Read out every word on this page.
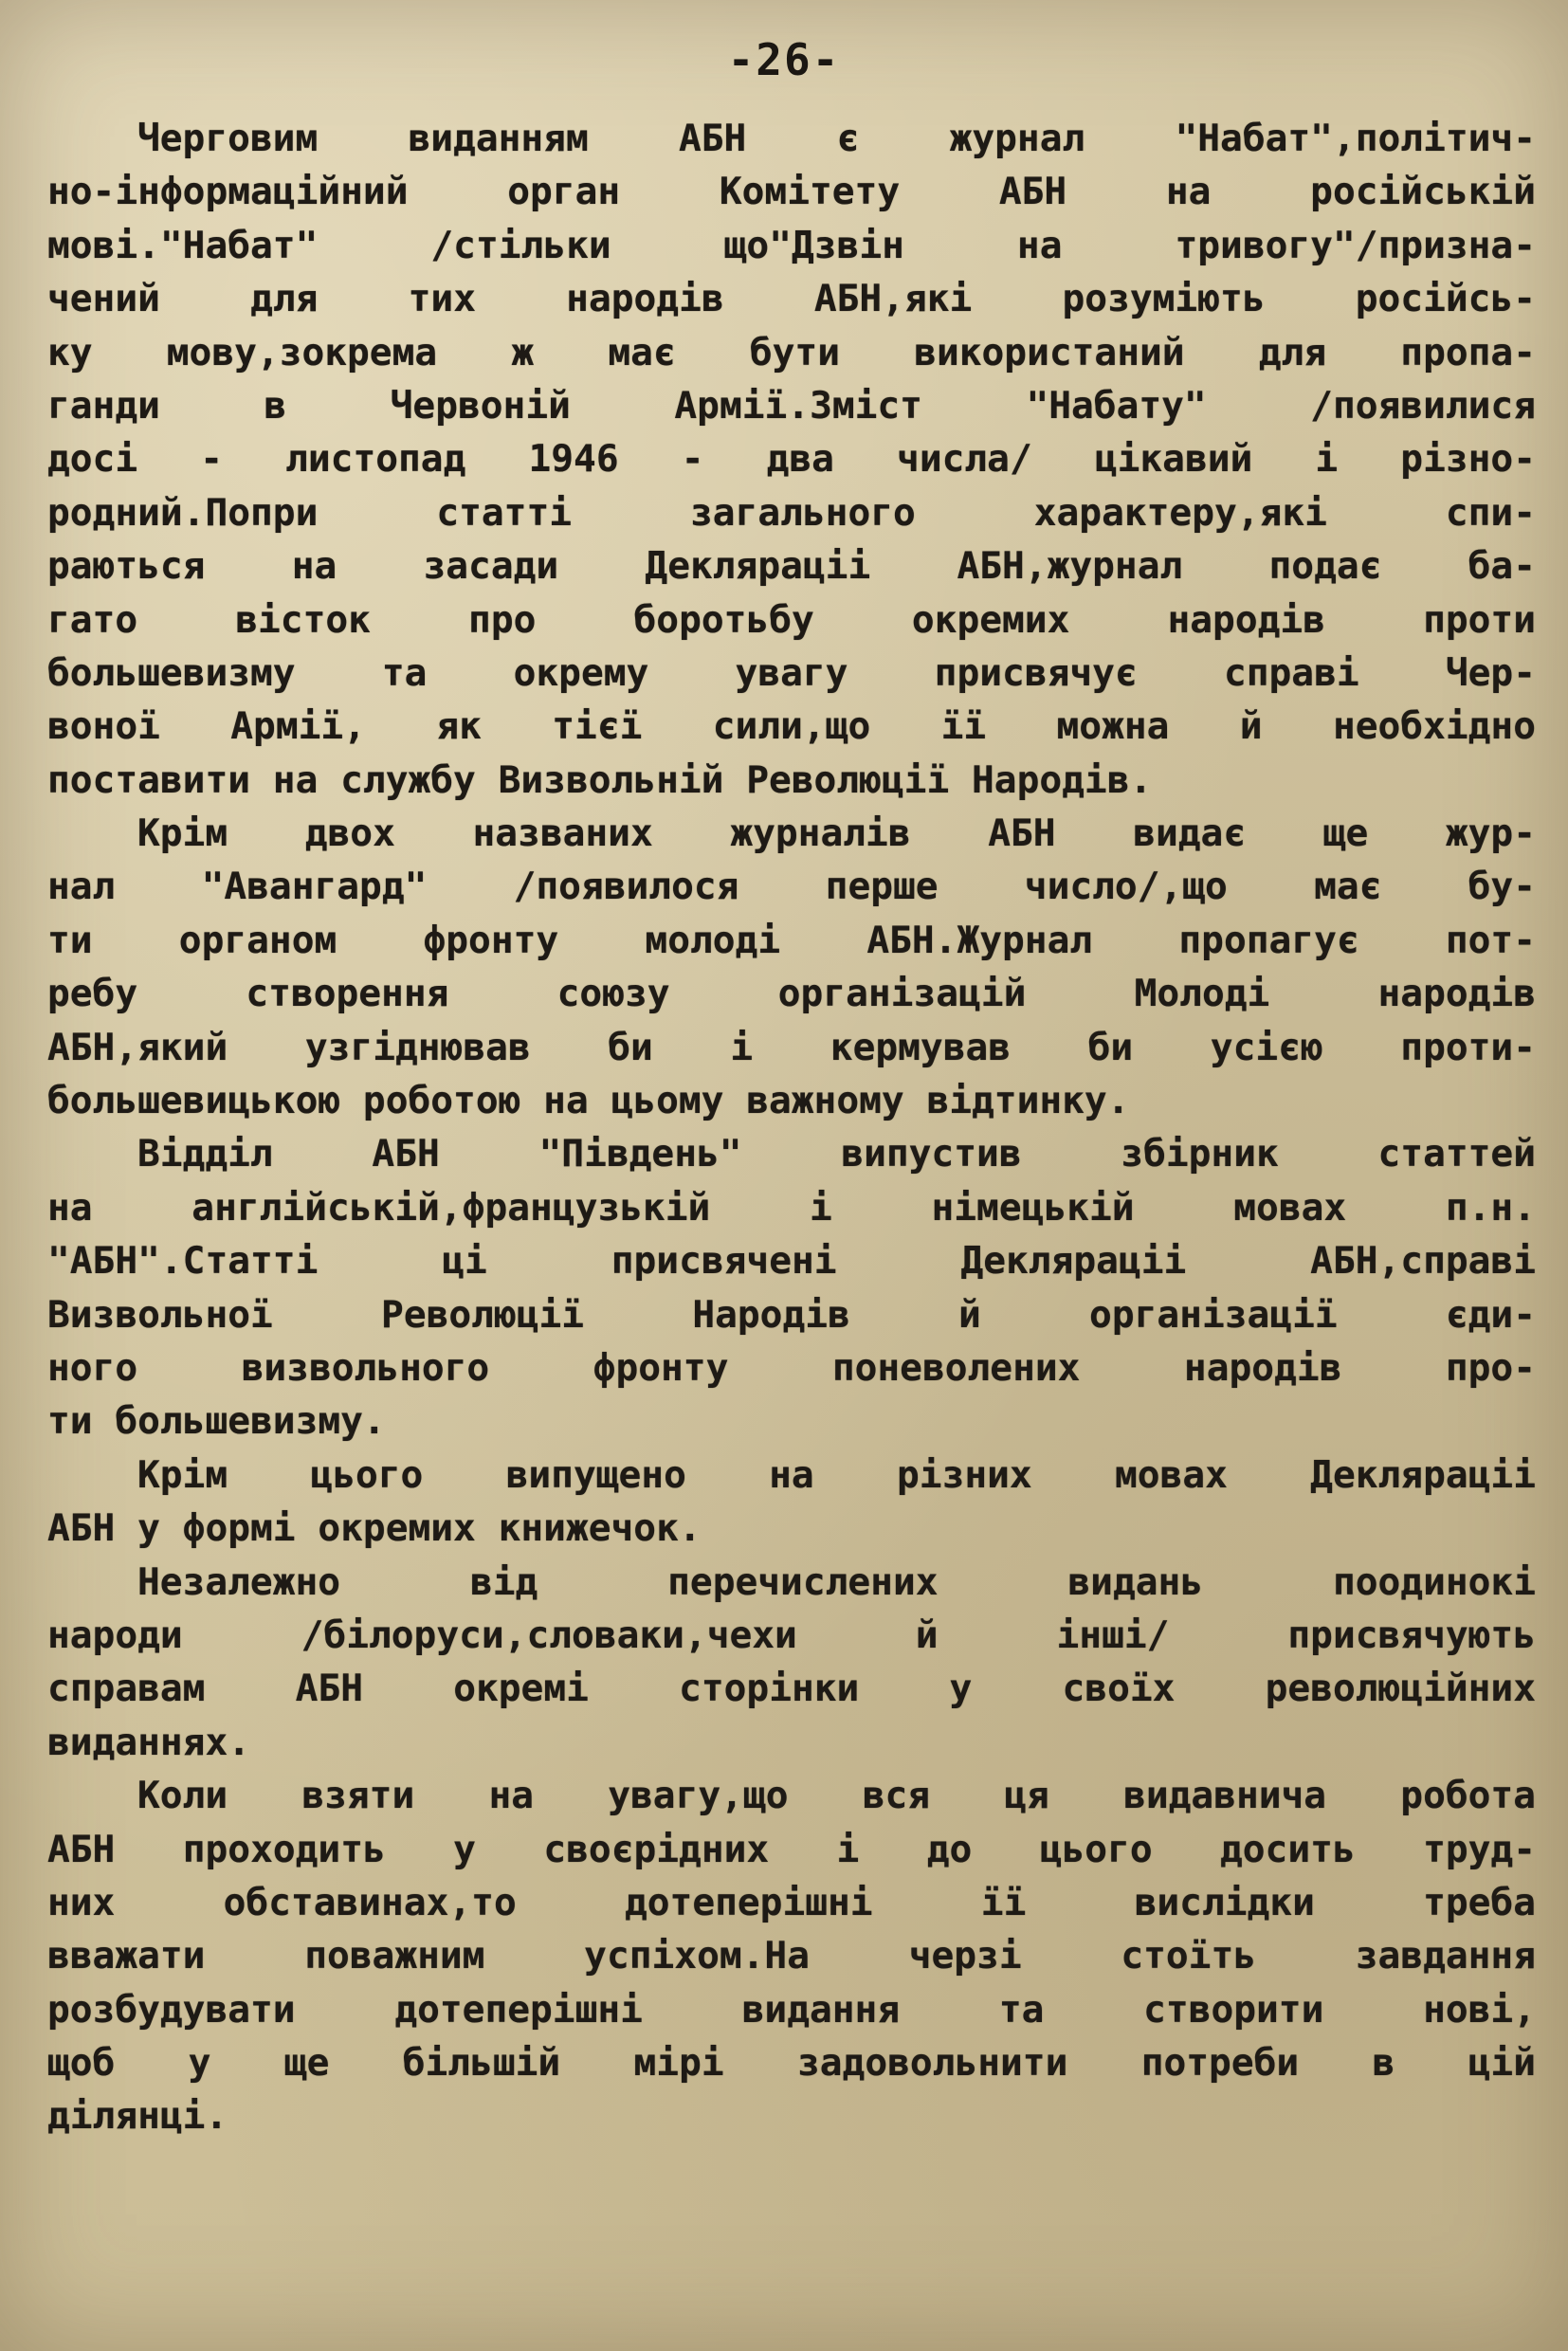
-26-
Черговим виданням АБН є журнал "Набат",політич-
но-інформаційний орган Комітету АБН на російській
мові."Набат" /стільки що"Дзвін на тривогу"/призна-
чений для тих народів АБН,які розуміють російсь-
ку мову,зокрема ж має бути використаний для пропа-
ганди в Червоній Армії.Зміст "Набату" /появилися
досі - листопад 1946 - два числа/ цікавий і різно-
родний.Попри статті загального характеру,які спи-
раються на засади Декляраціі АБН,журнал подає ба-
гато вісток про боротьбу окремих народів проти
большевизму та окрему увагу присвячує справі Чер-
воної Армії, як тієї сили,що її можна й необхідно
поставити на службу Визвольній Революції Народів.
Крім двох названих журналів АБН видає ще жур-
нал "Авангард" /появилося перше число/,що має бу-
ти органом фронту молоді АБН.Журнал пропагує пот-
ребу створення союзу організацій Молоді народів
АБН,який узгіднював би і кермував би усією проти-
большевицькою роботою на цьому важному відтинку.
Відділ АБН "Південь" випустив збірник статтей
на англійській,французькій і німецькій мовах п.н.
"АБН".Статті ці присвячені Декляраціі АБН,справі
Визвольної Революції Народів й організації єди-
ного визвольного фронту поневолених народів про-
ти большевизму.
Крім цього випущено на різних мовах Декляраціі
АБН у формі окремих книжечок.
Незалежно від перечислених видань поодинокі
народи /білоруси,словаки,чехи й інші/ присвячують
справам АБН окремі сторінки у своїх революційних
виданнях.
Коли взяти на увагу,що вся ця видавнича робота
АБН проходить у своєрідних і до цього досить труд-
них обставинах,то дотеперішні її вислідки треба
вважати поважним успіхом.На черзі стоїть завдання
розбудувати дотеперішні видання та створити нові,
щоб у ще більшій мірі задовольнити потреби в цій
ділянці.
